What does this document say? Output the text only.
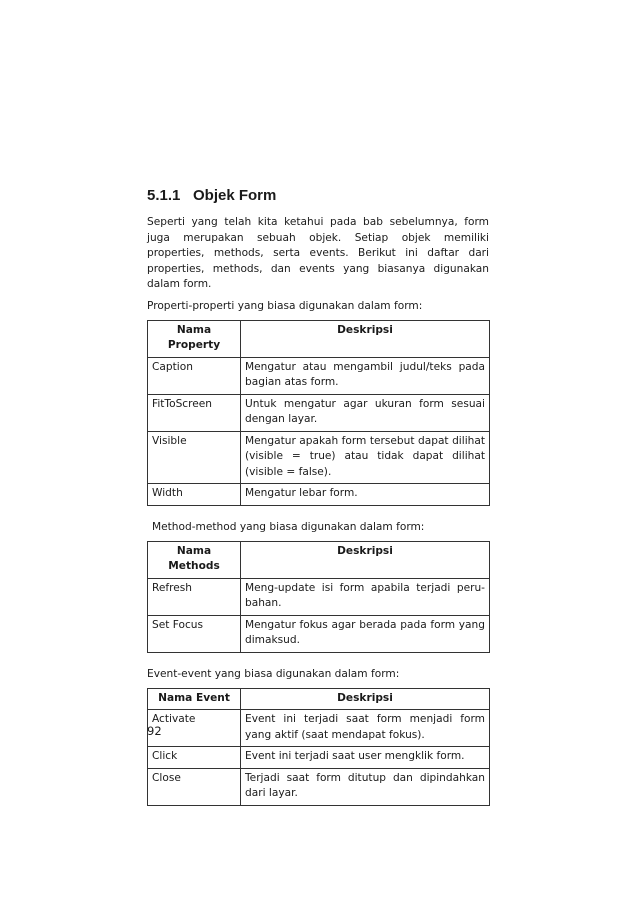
5.1.1 Objek Form

Seperti yang telah kita ketahui pada bab sebelumnya, form juga merupakan sebuah objek. Setiap objek memiliki properties, methods, serta events. Berikut ini daftar dari properties, methods, dan events yang biasanya digunakan dalam form.

Properti-properti yang biasa digunakan dalam form:

Nama Property	Deskripsi
Caption	Mengatur atau mengambil judul/teks pada bagian atas form.
FitToScreen	Untuk mengatur agar ukuran form sesuai dengan layar.
Visible	Mengatur apakah form tersebut dapat dilihat (visible = true) atau tidak dapat dilihat (visible = false).
Width	Mengatur lebar form.

Method-method yang biasa digunakan dalam form:

Nama Methods	Deskripsi
Refresh	Meng-update isi form apabila terjadi peru-bahan.
Set Focus	Mengatur fokus agar berada pada form yang dimaksud.

Event-event yang biasa digunakan dalam form:

Nama Event	Deskripsi
Activate	Event ini terjadi saat form menjadi form yang aktif (saat mendapat fokus).
Click	Event ini terjadi saat user mengklik form.
Close	Terjadi saat form ditutup dan dipindahkan dari layar.
92
